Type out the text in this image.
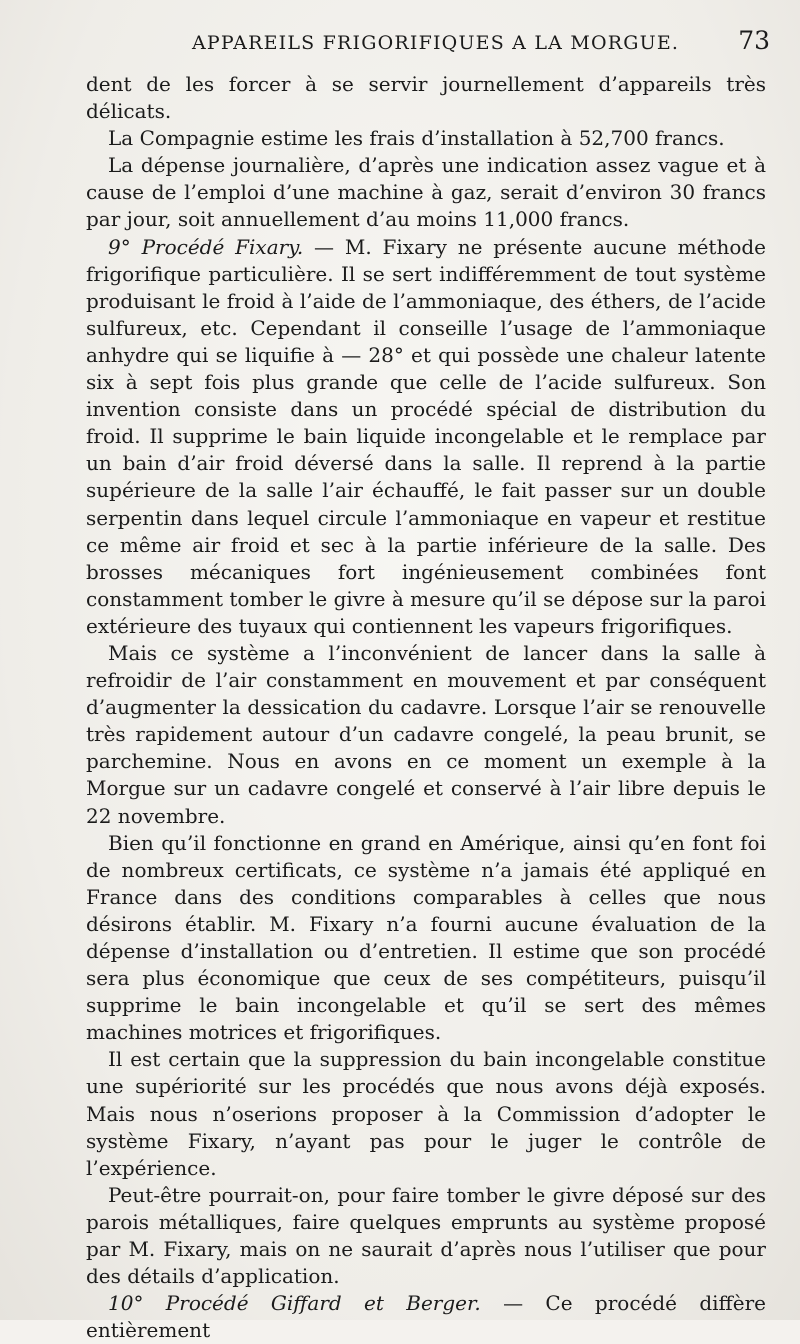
APPAREILS FRIGORIFIQUES A LA MORGUE. 73

dent de les forcer à se servir journellement d’appareils très délicats.

La Compagnie estime les frais d’installation à 52,700 francs.

La dépense journalière, d’après une indication assez vague et à cause de l’emploi d’une machine à gaz, serait d’environ 30 francs par jour, soit annuellement d’au moins 11,000 francs.

9° Procédé Fixary. — M. Fixary ne présente aucune méthode frigorifique particulière. Il se sert indifféremment de tout système produisant le froid à l’aide de l’ammoniaque, des éthers, de l’acide sulfureux, etc. Cependant il conseille l’usage de l’ammoniaque anhydre qui se liquifie à — 28° et qui possède une chaleur latente six à sept fois plus grande que celle de l’acide sulfureux. Son invention consiste dans un procédé spécial de distribution du froid. Il supprime le bain liquide incongelable et le remplace par un bain d’air froid déversé dans la salle. Il reprend à la partie supérieure de la salle l’air échauffé, le fait passer sur un double serpentin dans lequel circule l’ammoniaque en vapeur et restitue ce même air froid et sec à la partie inférieure de la salle. Des brosses mécaniques fort ingénieusement combinées font constamment tomber le givre à mesure qu’il se dépose sur la paroi extérieure des tuyaux qui contiennent les vapeurs frigorifiques.

Mais ce système a l’inconvénient de lancer dans la salle à refroidir de l’air constamment en mouvement et par conséquent d’augmenter la dessication du cadavre. Lorsque l’air se renouvelle très rapidement autour d’un cadavre congelé, la peau brunit, se parchemine. Nous en avons en ce moment un exemple à la Morgue sur un cadavre congelé et conservé à l’air libre depuis le 22 novembre.

Bien qu’il fonctionne en grand en Amérique, ainsi qu’en font foi de nombreux certificats, ce système n’a jamais été appliqué en France dans des conditions comparables à celles que nous désirons établir. M. Fixary n’a fourni aucune évaluation de la dépense d’installation ou d’entretien. Il estime que son procédé sera plus économique que ceux de ses compétiteurs, puisqu’il supprime le bain incongelable et qu’il se sert des mêmes machines motrices et frigorifiques.

Il est certain que la suppression du bain incongelable constitue une supériorité sur les procédés que nous avons déjà exposés. Mais nous n’oserions proposer à la Commission d’adopter le système Fixary, n’ayant pas pour le juger le contrôle de l’expérience.

Peut-être pourrait-on, pour faire tomber le givre déposé sur des parois métalliques, faire quelques emprunts au système proposé par M. Fixary, mais on ne saurait d’après nous l’utiliser que pour des détails d’application.

10° Procédé Giffard et Berger. — Ce procédé diffère entièrement
